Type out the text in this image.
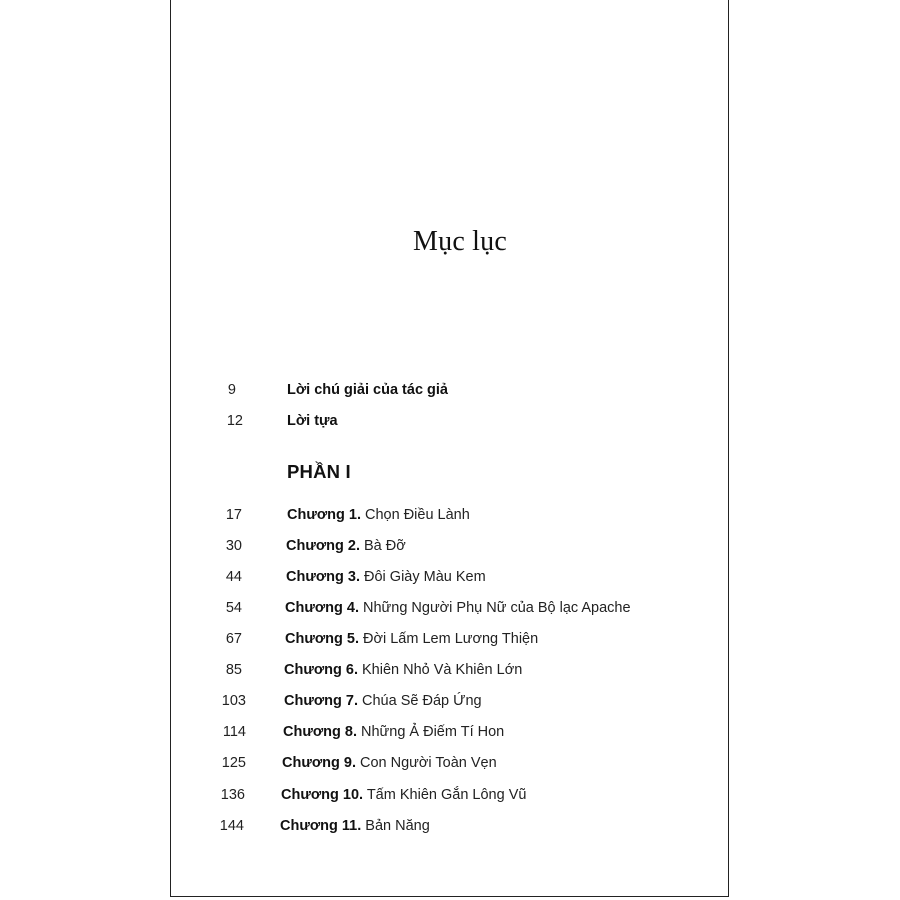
Mục lục
9	Lời chú giải của tác giả
12	Lời tựa
PHẦN I
17	Chương 1. Chọn Điều Lành
30	Chương 2. Bà Đỡ
44	Chương 3. Đôi Giày Màu Kem
54	Chương 4. Những Người Phụ Nữ của Bộ lạc Apache
67	Chương 5. Đời Lấm Lem Lương Thiện
85	Chương 6. Khiên Nhỏ Và Khiên Lớn
103	Chương 7. Chúa Sẽ Đáp Ứng
114	Chương 8. Những Ả Điếm Tí Hon
125 Chương 9. Con Người Toàn Vẹn
136 Chương 10. Tấm Khiên Gắn Lông Vũ
144 Chương 11. Bản Năng
